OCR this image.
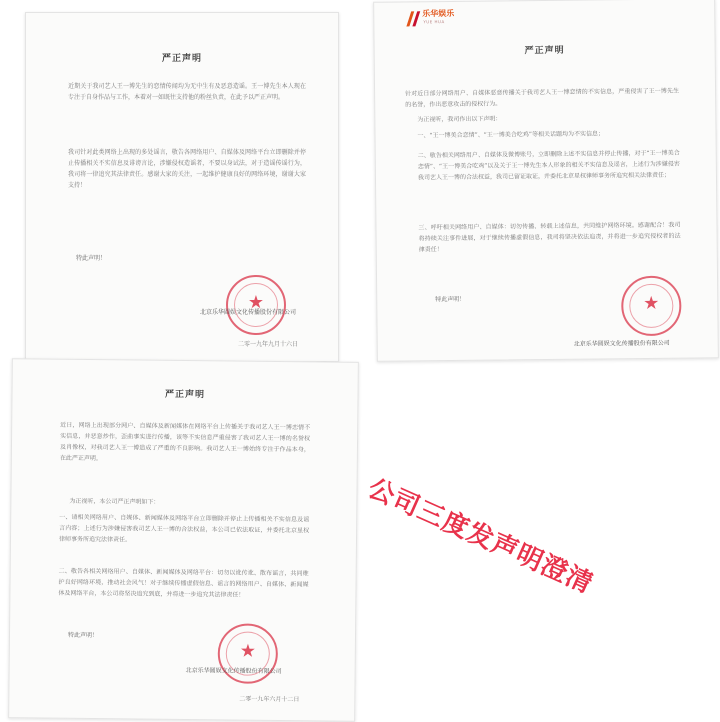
严正声明
近期关于我司艺人王一博先生的恋情传闻均为无中生有及恶意造谣。王一博先生本人现在专注于自身作品与工作，本着对一如既往支持他的粉丝负责，在此予以严正声明。
我司针对此类网络上出现的多处谣言，敬告各网络用户、自媒体及网络平台立即删除并停止传播相关不实信息及诽谤言论，涉嫌侵权造谣者，不要以身试法，对于造谣传谣行为，我司将一律追究其法律责任。感谢大家的关注，一起维护健康良好的网络环境，谢谢大家支持！
特此声明！
★
北京乐华圆娱文化传播股份有限公司
二零一九年九月十六日
乐华娱乐
YUE HUA
严正声明
针对近日部分网络用户、自媒体恶意传播关于我司艺人王一博恋情的不实信息，严重侵害了王一博先生的名誉，作出恶意攻击的侵权行为。
为正视听，我司作出以下声明：
一、“王一博美合恋情”、“王一博美合吃鸡”等相关话题均为不实信息；
二、敬告相关网络用户、自媒体及微博账号，立即删除上述不实信息并停止传播，对于“王一博美合恋情”、“王一博美合吃鸡”以及关于王一博先生本人形象的相关不实信息及谣言，上述行为涉嫌侵害我司艺人王一博的合法权益，我司已留证取证，并委托北京星权律师事务所追究相关法律责任；
三、呼吁相关网络用户、自媒体：切勿传播、转载上述信息，共同维护网络环境。感谢配合！我司将持续关注事件进展，对于继续传播虚假信息，我司将坚决依法追责，并将进一步追究侵权者的法律责任！
特此声明！	★
北京乐华圆娱文化传播股份有限公司
严正声明
近日，网络上出现部分网户、自媒体及新闻媒体在网络平台上传播关于我司艺人王一博恋情不实信息，并恶意炒作，歪曲事实进行传播，该等不实信息严重侵害了我司艺人王一博的名誉权及肖像权，对我司艺人王一博造成了严重的不良影响。我司艺人王一博始终专注于作品本身，在此严正声明。
为正视听，本公司严正声明如下：
一、请相关网络用户、自媒体、新闻媒体及网络平台立即删除并停止上传播相关不实信息及谣言内容；上述行为涉嫌侵害我司艺人王一博的合法权益，本公司已依法取证，并委托北京星权律师事务所追究法律责任。
二、敬告各相关网络用户、自媒体、新闻媒体及网络平台：切勿以讹传讹、散布谣言，共同维护良好网络环境，推动社会风气！对于继续传播虚假信息、谣言的网络用户、自媒体、新闻媒体及网络平台，本公司将坚决追究到底，并将进一步追究其法律责任！
特此声明！
★
北京乐华圆娱文化传播股份有限公司
二零一九年六月十二日
公司三度发声明澄清
